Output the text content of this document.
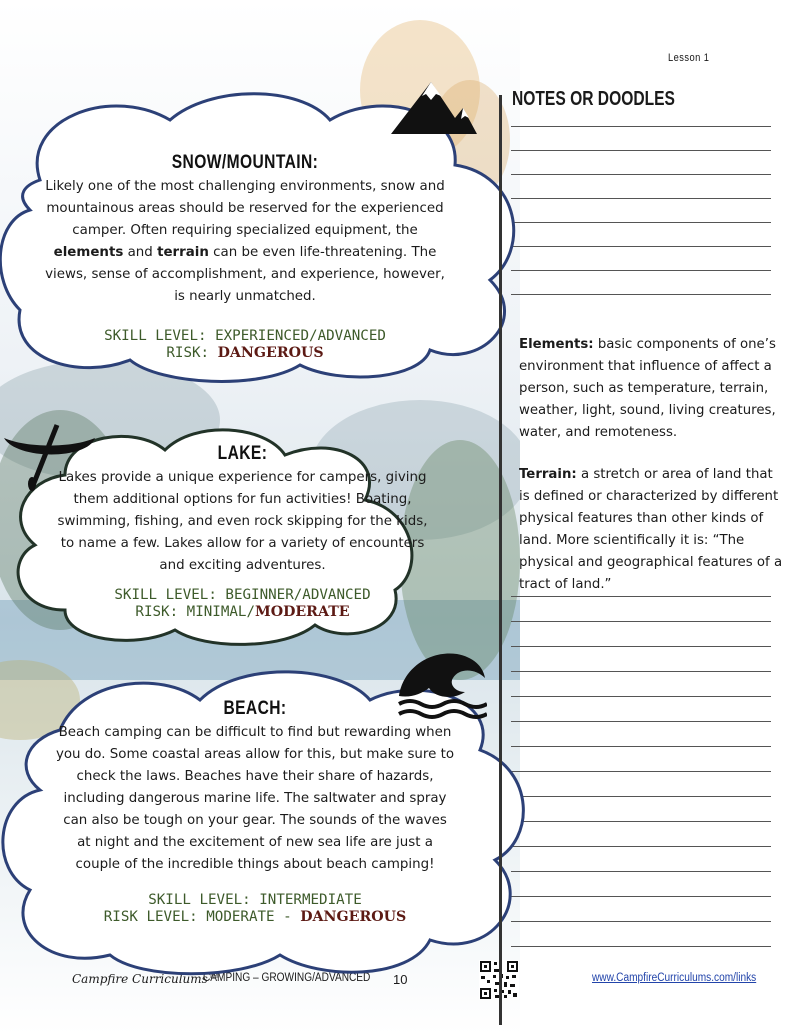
SNOW/MOUNTAIN:

Likely one of the most challenging environments, snow and mountainous areas should be reserved for the experienced camper. Often requiring specialized equipment, the elements and terrain can be even life-threatening. The views, sense of accomplishment, and experience, however, is nearly unmatched.

SKILL LEVEL: EXPERIENCED/ADVANCED

RISK: DANGEROUS

LAKE:

Lakes provide a unique experience for campers, giving them additional options for fun activities! Boating, swimming, fishing, and even rock skipping for the kids, to name a few. Lakes allow for a variety of encounters and exciting adventures.

SKILL LEVEL: BEGINNER/ADVANCED

RISK: MINIMAL/MODERATE

BEACH:

Beach camping can be difficult to find but rewarding when you do. Some coastal areas allow for this, but make sure to check the laws. Beaches have their share of hazards, including dangerous marine life. The saltwater and spray can also be tough on your gear. The sounds of the waves at night and the excitement of new sea life are just a couple of the incredible things about beach camping!

SKILL LEVEL: INTERMEDIATE

RISK LEVEL: MODERATE - DANGEROUS

Lesson 1
NOTES OR DOODLES

Elements: basic components of one’s environment that influence of affect a person, such as temperature, terrain, weather, light, sound, living creatures, water, and remoteness.

Terrain: a stretch or area of land that is defined or characterized by different physical features than other kinds of land. More scientifically it is: “The physical and geographical features of a tract of land.”

Campfire Curriculums™
CAMPING – GROWING/ADVANCED 10	www.CampfireCurriculums.com/links
